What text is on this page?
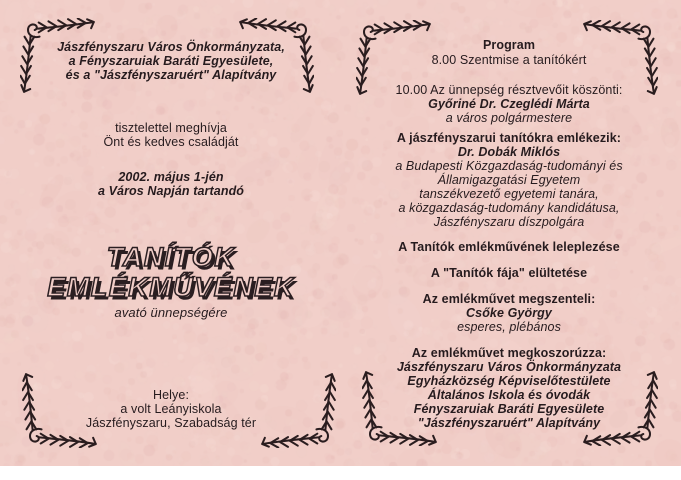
Jászfényszaru Város Önkormányzata,
a Fényszaruiak Baráti Egyesülete,
és a "Jászfényszaruért" Alapítvány
tisztelettel meghívja
Önt és kedves családját
2002. május 1-jén
a Város Napján tartandó
TANÍTÓK
EMLÉKMŰVÉNEK
avató ünnepségére
Helye:
a volt Leányiskola
Jászfényszaru, Szabadság tér
Program
8.00 Szentmise a tanítókért
10.00 Az ünnepség résztvevőit köszönti:
Győriné Dr. Czeglédi Márta
a város polgármestere
A jászfényszarui tanítókra emlékezik:
Dr. Dobák Miklós
a Budapesti Közgazdaság-tudományi és
Államigazgatási Egyetem
tanszékvezető egyetemi tanára,
a közgazdaság-tudomány kandidátusa,
Jászfényszaru díszpolgára
A Tanítók emlékművének leleplezése
A "Tanítók fája" elültetése
Az emlékművet megszenteli:
Csőke György
esperes, plébános
Az emlékművet megkoszorúzza:
Jászfényszaru Város Önkormányzata
Egyházközség Képviselőtestülete
Általános Iskola és óvodák
Fényszaruiak Baráti Egyesülete
"Jászfényszaruért" Alapítvány
